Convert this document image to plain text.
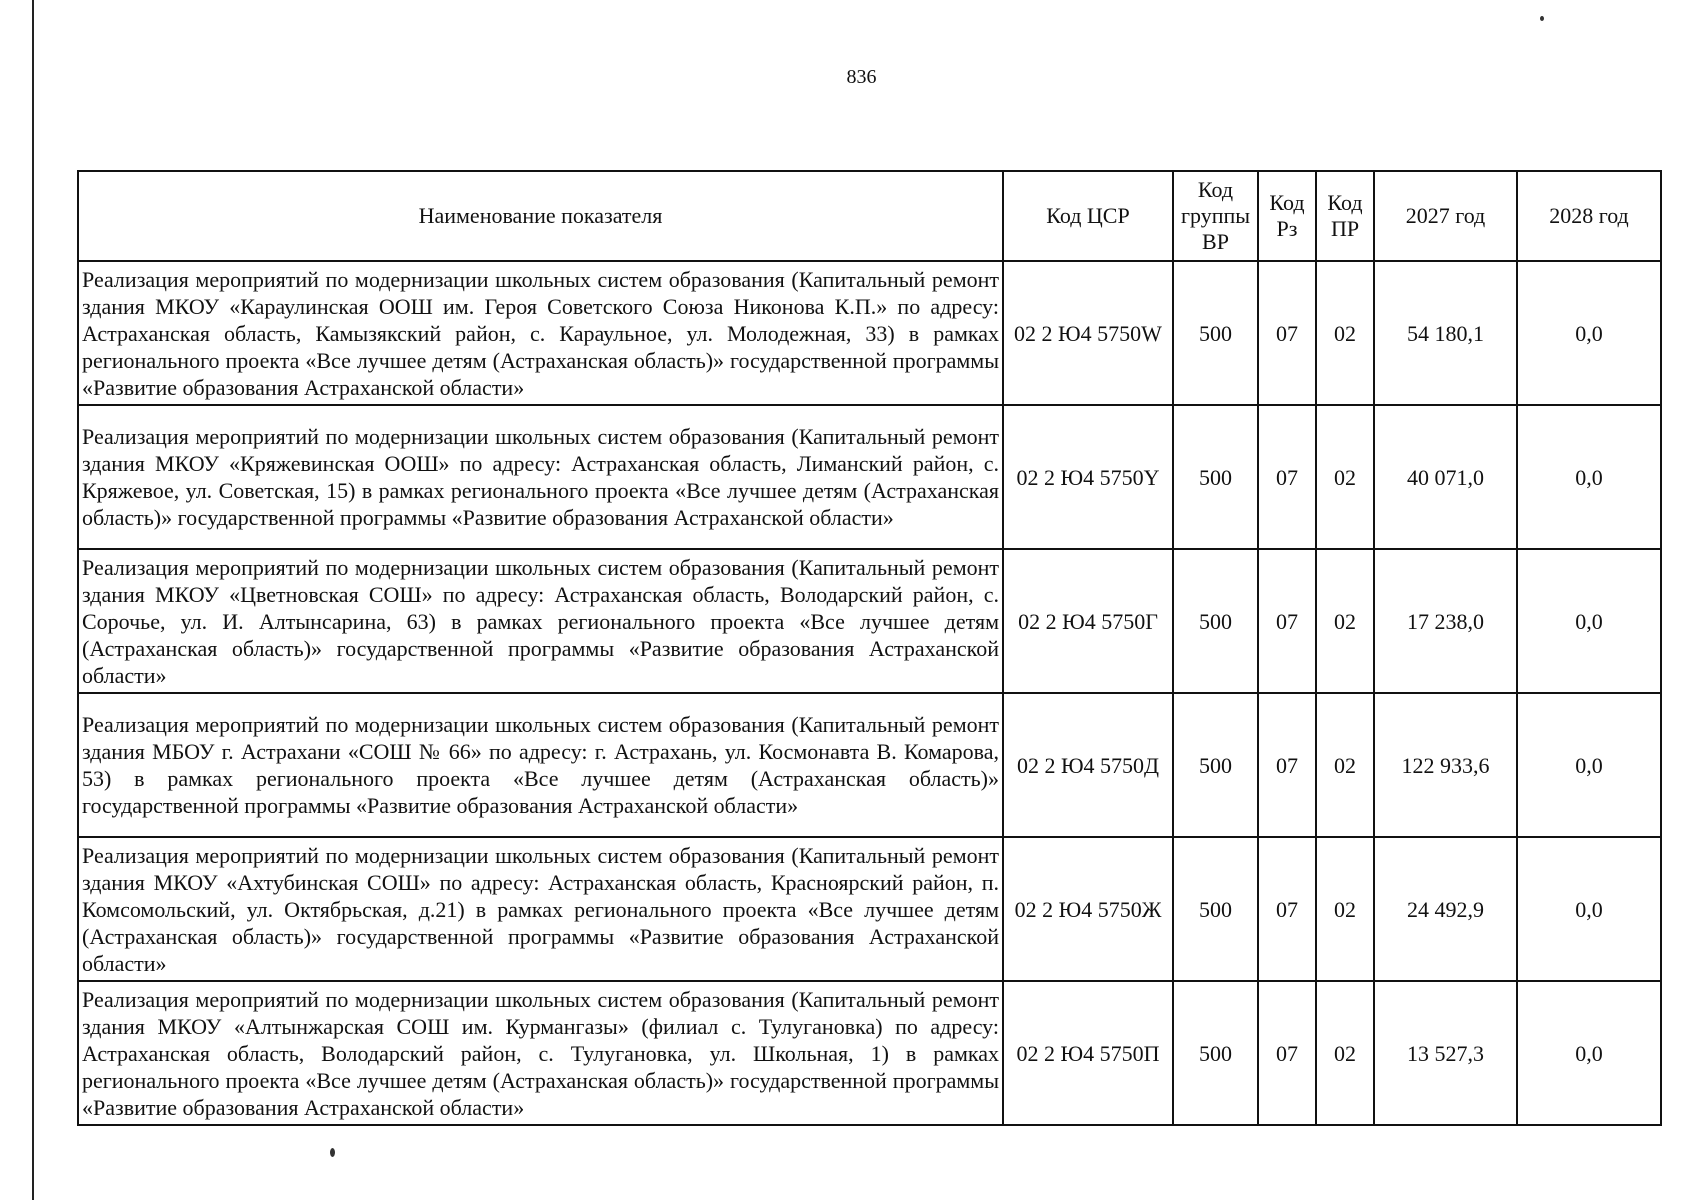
836
Наименование показателя	Код ЦСР	Код группы ВР	Код Рз	Код ПР	2027 год	2028 год
Реализация мероприятий по модернизации школьных систем образования (Капитальный ремонт здания МКОУ «Караулинская ООШ им. Героя Советского Союза Никонова К.П.» по адресу: Астраханская область, Камызякский район, с. Караульное, ул. Молодежная, 33) в рамках регионального проекта «Все лучшее детям (Астраханская область)» государственной программы «Развитие образования Астраханской области»	02 2 Ю4 5750W	500	07	02	54 180,1	0,0
Реализация мероприятий по модернизации школьных систем образования (Капитальный ремонт здания МКОУ «Кряжевинская ООШ» по адресу: Астраханская область, Лиманский район, с. Кряжевое, ул. Советская, 15) в рамках регионального проекта «Все лучшее детям (Астраханская область)» государственной программы «Развитие образования Астраханской области»	02 2 Ю4 5750Y	500	07	02	40 071,0	0,0
Реализация мероприятий по модернизации школьных систем образования (Капитальный ремонт здания МКОУ «Цветновская СОШ» по адресу: Астраханская область, Володарский район, с. Сорочье, ул. И. Алтынсарина, 63) в рамках регионального проекта «Все лучшее детям (Астраханская область)» государственной программы «Развитие образования Астраханской области»	02 2 Ю4 5750Г	500	07	02	17 238,0	0,0
Реализация мероприятий по модернизации школьных систем образования (Капитальный ремонт здания МБОУ г. Астрахани «СОШ № 66» по адресу: г. Астрахань, ул. Космонавта В. Комарова, 53) в рамках регионального проекта «Все лучшее детям (Астраханская область)» государственной программы «Развитие образования Астраханской области»	02 2 Ю4 5750Д	500	07	02	122 933,6	0,0
Реализация мероприятий по модернизации школьных систем образования (Капитальный ремонт здания МКОУ «Ахтубинская СОШ» по адресу: Астраханская область, Красноярский район, п. Комсомольский, ул. Октябрьская, д.21) в рамках регионального проекта «Все лучшее детям (Астраханская область)» государственной программы «Развитие образования Астраханской области»	02 2 Ю4 5750Ж	500	07	02	24 492,9	0,0
Реализация мероприятий по модернизации школьных систем образования (Капитальный ремонт здания МКОУ «Алтынжарская СОШ им. Курмангазы» (филиал с. Тулугановка) по адресу: Астраханская область, Володарский район, с. Тулугановка, ул. Школьная, 1) в рамках регионального проекта «Все лучшее детям (Астраханская область)» государственной программы «Развитие образования Астраханской области»	02 2 Ю4 5750П	500	07	02	13 527,3	0,0
